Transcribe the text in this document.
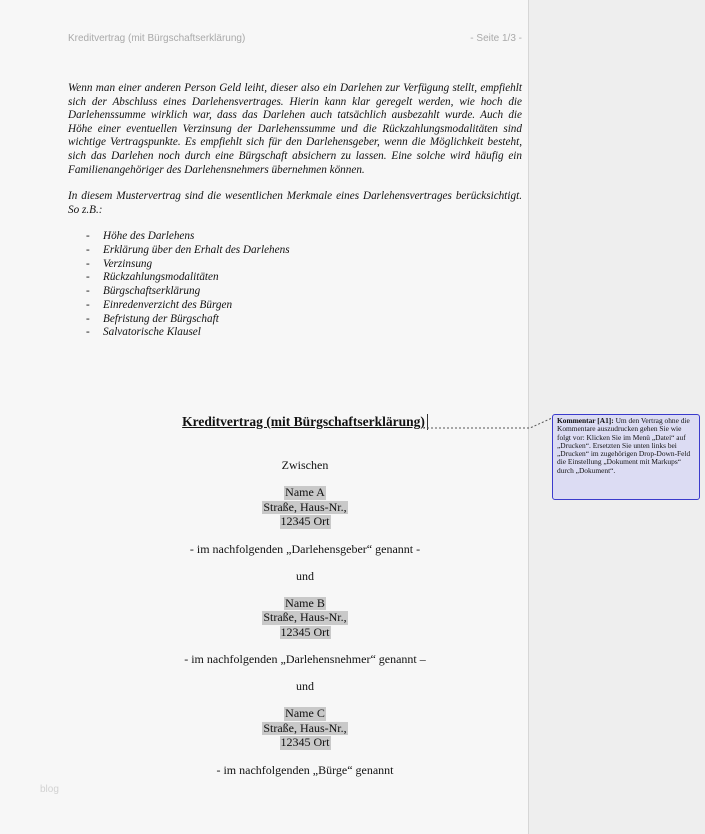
Kreditvertrag (mit Bürgschaftserklärung)	- Seite 1/3 -

Wenn man einer anderen Person Geld leiht, dieser also ein Darlehen zur Verfügung stellt, empfiehlt sich der Abschluss eines Darlehensvertrages. Hierin kann klar geregelt werden, wie hoch die Darlehenssumme wirklich war, dass das Darlehen auch tatsächlich ausbezahlt wurde. Auch die Höhe einer eventuellen Verzinsung der Darlehenssumme und die Rückzahlungsmodalitäten sind wichtige Vertragspunkte. Es empfiehlt sich für den Darlehensgeber, wenn die Möglichkeit besteht, sich das Darlehen noch durch eine Bürgschaft absichern zu lassen. Eine solche wird häufig ein Familienangehöriger des Darlehensnehmers übernehmen können.

In diesem Mustervertrag sind die wesentlichen Merkmale eines Darlehensvertrages berücksichtigt. So z.B.:

- Höhe des Darlehens
- Erklärung über den Erhalt des Darlehens
- Verzinsung
- Rückzahlungsmodalitäten
- Bürgschaftserklärung
- Einredenverzicht des Bürgen
- Befristung der Bürgschaft
- Salvatorische Klausel
Kreditvertrag (mit Bürgschaftserklärung)
Zwischen
Name A
Straße, Haus-Nr.,
12345 Ort
- im nachfolgenden „Darlehensgeber“ genannt -
und
Name B
Straße, Haus-Nr.,
12345 Ort
- im nachfolgenden „Darlehensnehmer“ genannt –
und
Name C
Straße, Haus-Nr.,
12345 Ort
- im nachfolgenden „Bürge“ genannt
blog
Kommentar [A1]: Um den Vertrag ohne die Kommentare auszudrucken gehen Sie wie folgt vor: Klicken Sie im Menü „Datei“ auf „Drucken“. Ersetzten Sie unten links bei „Drucken“ im zugehörigen Drop-Down-Feld die Einstellung „Dokument mit Markups“ durch „Dokument“.
